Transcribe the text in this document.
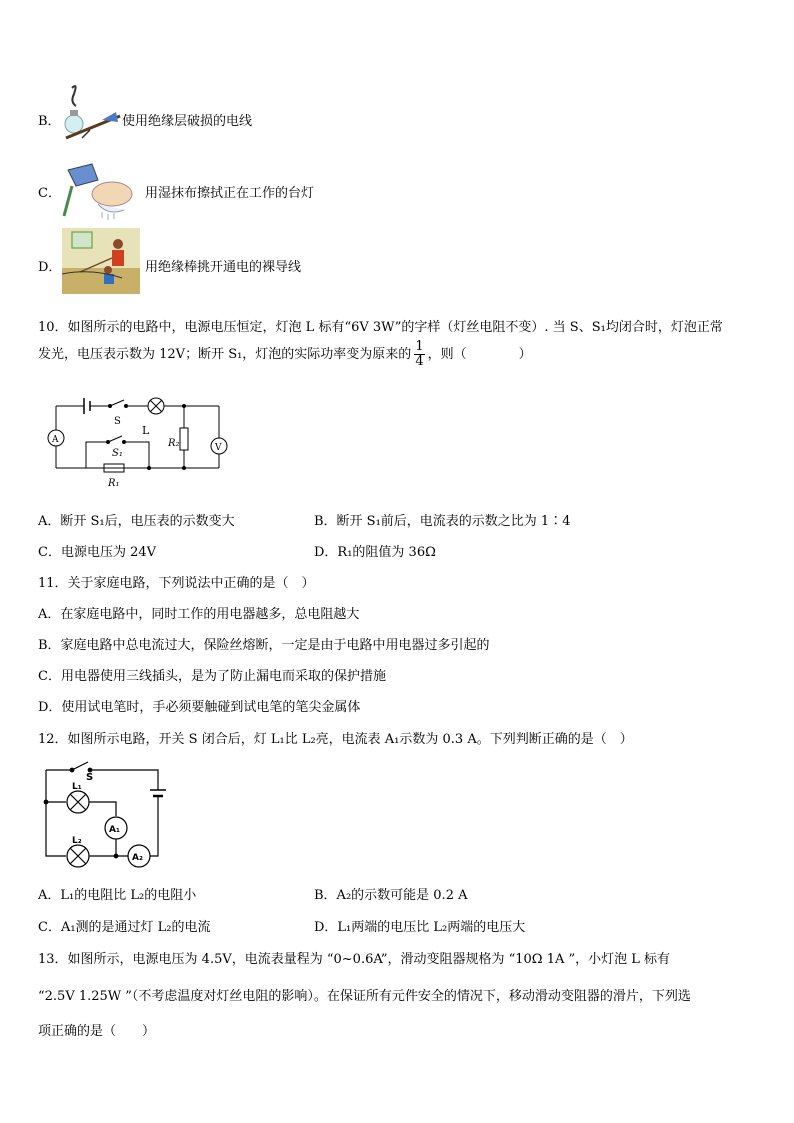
B．	使用绝缘层破损的电线
C．	用湿抹布擦拭正在工作的台灯
D．	用绝缘棒挑开通电的裸导线
10．如图所示的电路中，电源电压恒定，灯泡 L 标有“6V 3W”的字样（灯丝电阻不变）. 当 S、S₁均闭合时，灯泡正常
发光，电压表示数为 12V；断开 S₁，灯泡的实际功率变为原来的 $\frac{1}{4}$ ，则（　　　　）
S
L
A
V
S₁
R₁
R₂
A．断开 S₁后，电压表的示数变大	B．断开 S₁前后，电流表的示数之比为 1∶4
C．电源电压为 24V	D．R₁的阻值为 36Ω
11．关于家庭电路，下列说法中正确的是（　）
A．在家庭电路中，同时工作的用电器越多，总电阻越大
B．家庭电路中总电流过大，保险丝熔断，一定是由于电路中用电器过多引起的
C．用电器使用三线插头，是为了防止漏电而采取的保护措施
D．使用试电笔时，手必须要触碰到试电笔的笔尖金属体
12．如图所示电路，开关 S 闭合后，灯 L₁比 L₂亮，电流表 A₁示数为 0.3 A。下列判断正确的是（　）
S
L₁
L₂
A₁
A₂
A．L₁的电阻比 L₂的电阻小	B．A₂的示数可能是 0.2 A
C．A₁测的是通过灯 L₂的电流	D．L₁两端的电压比 L₂两端的电压大
13．如图所示，电源电压为 4.5V，电流表量程为 “0~0.6A”，滑动变阻器规格为 “10Ω 1A ”，小灯泡 L 标有
“2.5V 1.25W ”（不考虑温度对灯丝电阻的影响）。在保证所有元件安全的情况下，移动滑动变阻器的滑片，下列选
项正确的是（　　）
